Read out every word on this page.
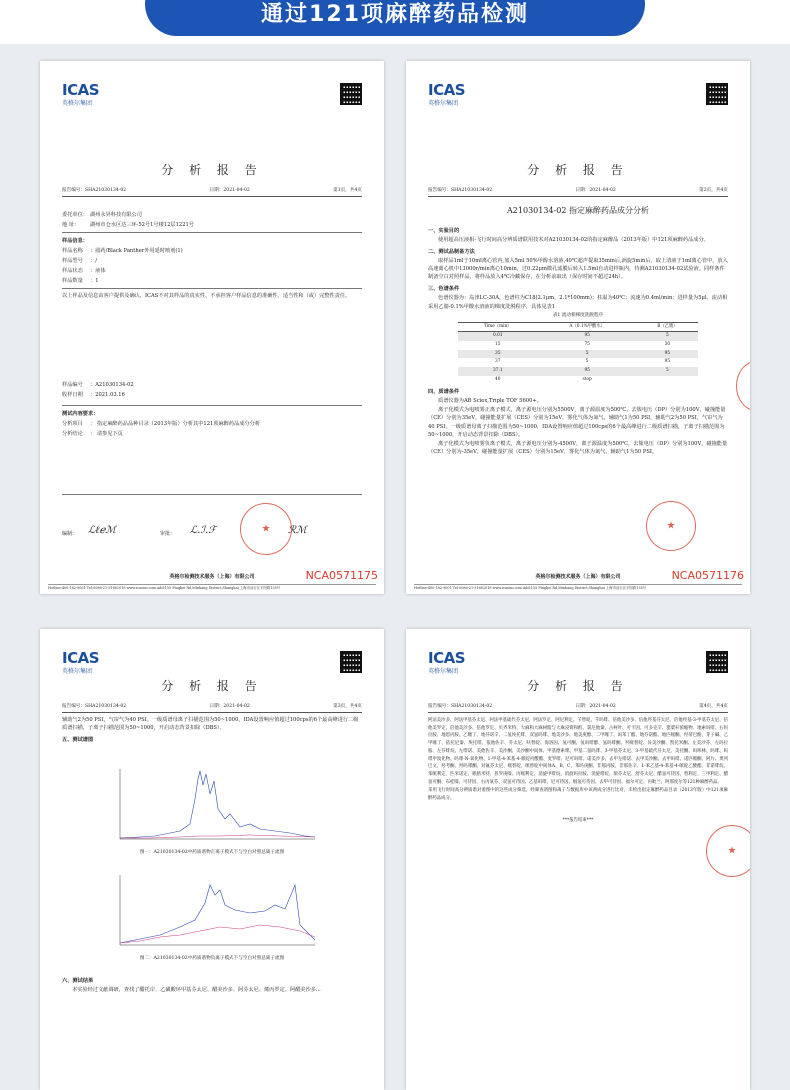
通过121项麻醉药品检测
ICAS
英格尔集团
分 析 报 告
报告编号：SHA21030134-02	日期：2021-04-02	第1页，共4页
委托单位： 湖州永昇科技有限公司
地 址：	湖州市仓水区达三环·52号1号楼12层1221号
样品信息：
样品名称	：圆药/Black Panther外用延时喷剂(1)
样品型号	：/
样品状态	：液体
样品数量	：1
以上样品及信息由客户提供及确认，ICAS不对其样品的真实性、不承担客户样品信息的准确性、适当性和（或）完整性责任。
样品编号	：A21030134-02
收样日期	：2021.03.16
测试内容要求：
分析项目	： 指定麻醉药品品种目录（2013年版）分析其中121项麻醉药品成分分析
分析结论	： 请参见下页
编制： ℒℓℯℳ	审批： ℒ.ℐ.ℱ	★ ℛℳ
英格尔检测技术服务（上海）有限公司
Hotline:400-182-9001 Tel:0086-21-51682018 www.icasiso.com Add:155 Pingbei Rd,Minhang District,Shanghai 上海市闵行区平阳路155号
NCA0571175
ICAS
英格尔集团
分 析 报 告
报告编号：SHA21030134-02	日期：2021-04-02	第2页，共4页
A21030134-02 指定麻醉药品成分分析
一、实验目的
使用超高压液相-飞行时间高分辨质谱联用技术对A21030134-02的指定麻醉品（2013年版）中121项麻醉药品成分。
二、测试品制备方法
取样品1ml于10ml离心管内,加入5ml 50%甲醇水溶液,40℃超声提取35min后,涡旋5min后，取上清液于1ml离心管中，放入高速离心机中13000r/min离心10min，过0.22μm微孔滤膜后转入1.5ml自动进样瓶内，待测A21030134-02试验液。同样条件制备空白对照样品，将样品放入4℃冷藏保存，在分析前取出（保存时间不超过24h）。
三、色谱条件
色谱仪器为：岛津LC-30A，色谱柱为C18(2.1μm，2.1*100mm)；柱温为40℃；流速为0.4ml/min；进样量为5μl，流动相采用乙腈-0.1%甲酸水溶液的梯度洗脱程序，具体见表1
表1 流动相梯度洗脱程序
Time（min）	A（0.1%甲酸水）	B（乙腈）
0.01	95	5
15	75	30
35	5	95
37	5	95
37.1	95	5
40	stop	
四、质谱条件
质谱仪器为AB Sciex,Triple TOF 5600+。
离子化模式为电喷雾正离子模式，离子源电压分别为5500V，离子源温度为500℃，去簇电压（DP）分别为100V，碰撞能量（CE）分别为35eV，碰撞能量扩展（CES）分别为15eV，雾化气体为氮气，辅助气1为50 PSI，辅助气2为50 PSI，气帘气为40 PSI。一级质谱母离子扫描范围为50~1000，IDA设置响应值超过100cps的6个最高峰进行二级质谱扫描，子离子扫描范围为50~1000，开启动态背景扣除（DBS）。
离子化模式为电喷雾负离子模式，离子源电压分别为-4500V，离子源温度为500℃，去簇电压（DP）分别为100V，碰撞能量（CE）分别为-35eV，碰撞能量扩展（CES）分别为15eV，雾化气体为氮气，辅助气1为50 PSI。
★
英格尔检测技术服务（上海）有限公司
Hotline:400-182-9001 Tel:0086-21-51682018 www.icasiso.com Add:155 Pingbei Rd,Minhang District,Shanghai 上海市闵行区平阳路155号
NCA0571176
ICAS
英格尔集团
分 析 报 告
报告编号：SHA21030134-02	日期：2021-04-02	第3页，共4页
辅助气2为50 PSI，气帘气为40 PSI。一级质谱母离子扫描范围为50~1000，IDA设置响应值超过100cps的6个最高峰进行二级质谱扫描，子离子扫描范围为50~1000，开启动态背景扣除（DBS）。
五、测试谱图
图一：A21030134-02中药质谱物正离子模式下与空白对照总离子流图
图二：A21030134-02中药质谱物负离子模式下与空白对照总离子流图
六、测试结果
本实验经过文献调研，查找了醋托岸、乙磺酸环甲基芬太尼、醋美沙多、阿芬太尼、烯丙罗定、阿醋美沙多...
ICAS
英格尔集团
分 析 报 告
报告编号：SHA21030134-02	日期：2021-04-02	第4页，共4页
阿法美沙多、阿法甲基芬太尼、阿法甲基硫代芬太尼、阿法罗定、阿尼利定、苄替啶、苄吗啡、倍他美沙多、倍他羟基芬太尼、倍他羟基-3-甲基芬太尼、倍他美罗定、倍他美沙多、倍他罗定、贝齐米特、大麻和大麻树脂与大麻浸膏和酊、氯尼他秦、古柯叶、可卡因、可多克辛、罂粟秆浓缩物、地索吗啡、右吗拉胺、地恩丙胺、乙噻丁、地芬诺辛、二氢埃托啡、双氢吗啡、地美沙多、地美庚醇、二甲噻丁、吗苯丁酯、地芬诺酯、地匹哌酮、羟蒂巴酚、芽子碱、乙甲噻丁、依托尼秦、埃托啡、依他佐辛、芬太尼、呋替啶、海洛因、氢可酮、氢吗啡醇、氢吗啡酮、羟哌替啶、异美沙酮、凯托米酮、左美沙芬、左吗拉胺、左芬啡烷、左啡诺、美他佐辛、美沙酮、美沙酮中间体、甲基德索啡、甲基二氢吗啡、3-甲基芬太尼、3-甲基硫代芬太尼、美托酮、吗哆林、吗啡、吗啡甲溴化物、吗啡-N-氧化物、1-甲基-4-苯基-4-哌啶丙酸酯、麦罗啡、尼可吗啡、诺美沙多、去甲左啡诺、去甲美沙酮、去甲吗啡、诺匹哌酮、阿片、奥列巴文、羟考酮、羟吗啡酮、对氟芬太尼、哌替啶、哌替啶中间体A、B、C、苯吗庚酮、非那丙胺、非那佐辛、1-苯乙基-4-苯基-4-哌啶乙酸酯、非诺啡烷、苯哌利定、匹米诺定、哌腈米特、普罗庚嗪、丙哌利定、消旋甲啡烷、消旋吗拉胺、消旋啡烷、瑞芬太尼、舒芬太尼、醋氢可待因、替利定、三甲利定、醋氢可酮、布桂嗪、可待因、右丙氧芬、双氢可待因、乙基吗啡、尼可待因、烟氢可待因、去甲可待因、福尔可定、丙吡兰、阿那度尔等121种麻醉药品。
采用飞行时间高分辨质谱对谱图中的这些成分筛选，经筛查谱图和离子与数据库中该两成分进行比对，未检出指定麻醉药品目录（2013年版）中121项麻醉药品成分。
***报告结束***
★
